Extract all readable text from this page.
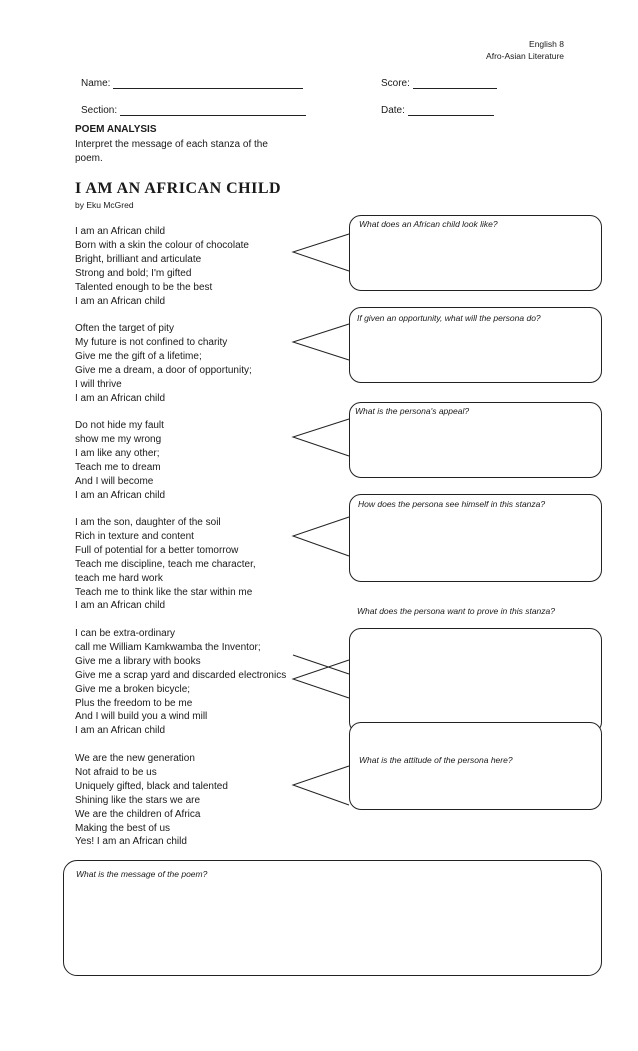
English 8
Afro-Asian Literature
Name:	Score:
Section:	Date:
POEM ANALYSIS
Interpret the message of each stanza of the
poem.
I AM AN AFRICAN CHILD
by Eku McGred
I am an African child
Born with a skin the colour of chocolate
Bright, brilliant and articulate
Strong and bold; I'm gifted
Talented enough to be the best
I am an African child
Often the target of pity
My future is not confined to charity
Give me the gift of a lifetime;
Give me a dream, a door of opportunity;
I will thrive
I am an African child
Do not hide my fault
show me my wrong
I am like any other;
Teach me to dream
And I will become
I am an African child
I am the son, daughter of the soil
Rich in texture and content
Full of potential for a better tomorrow
Teach me discipline, teach me character,
teach me hard work
Teach me to think like the star within me
I am an African child
I can be extra-ordinary
call me William Kamkwamba the Inventor;
Give me a library with books
Give me a scrap yard and discarded electronics
Give me a broken bicycle;
Plus the freedom to be me
And I will build you a wind mill
I am an African child
We are the new generation
Not afraid to be us
Uniquely gifted, black and talented
Shining like the stars we are
We are the children of Africa
Making the best of us
Yes! I am an African child
What does an African child look like?
If given an opportunity, what will the persona do?
What is the persona's appeal?
How does the persona see himself in this stanza?
What does the persona want to prove in this stanza?
What is the attitude of the persona here?
What is the message of the poem?
